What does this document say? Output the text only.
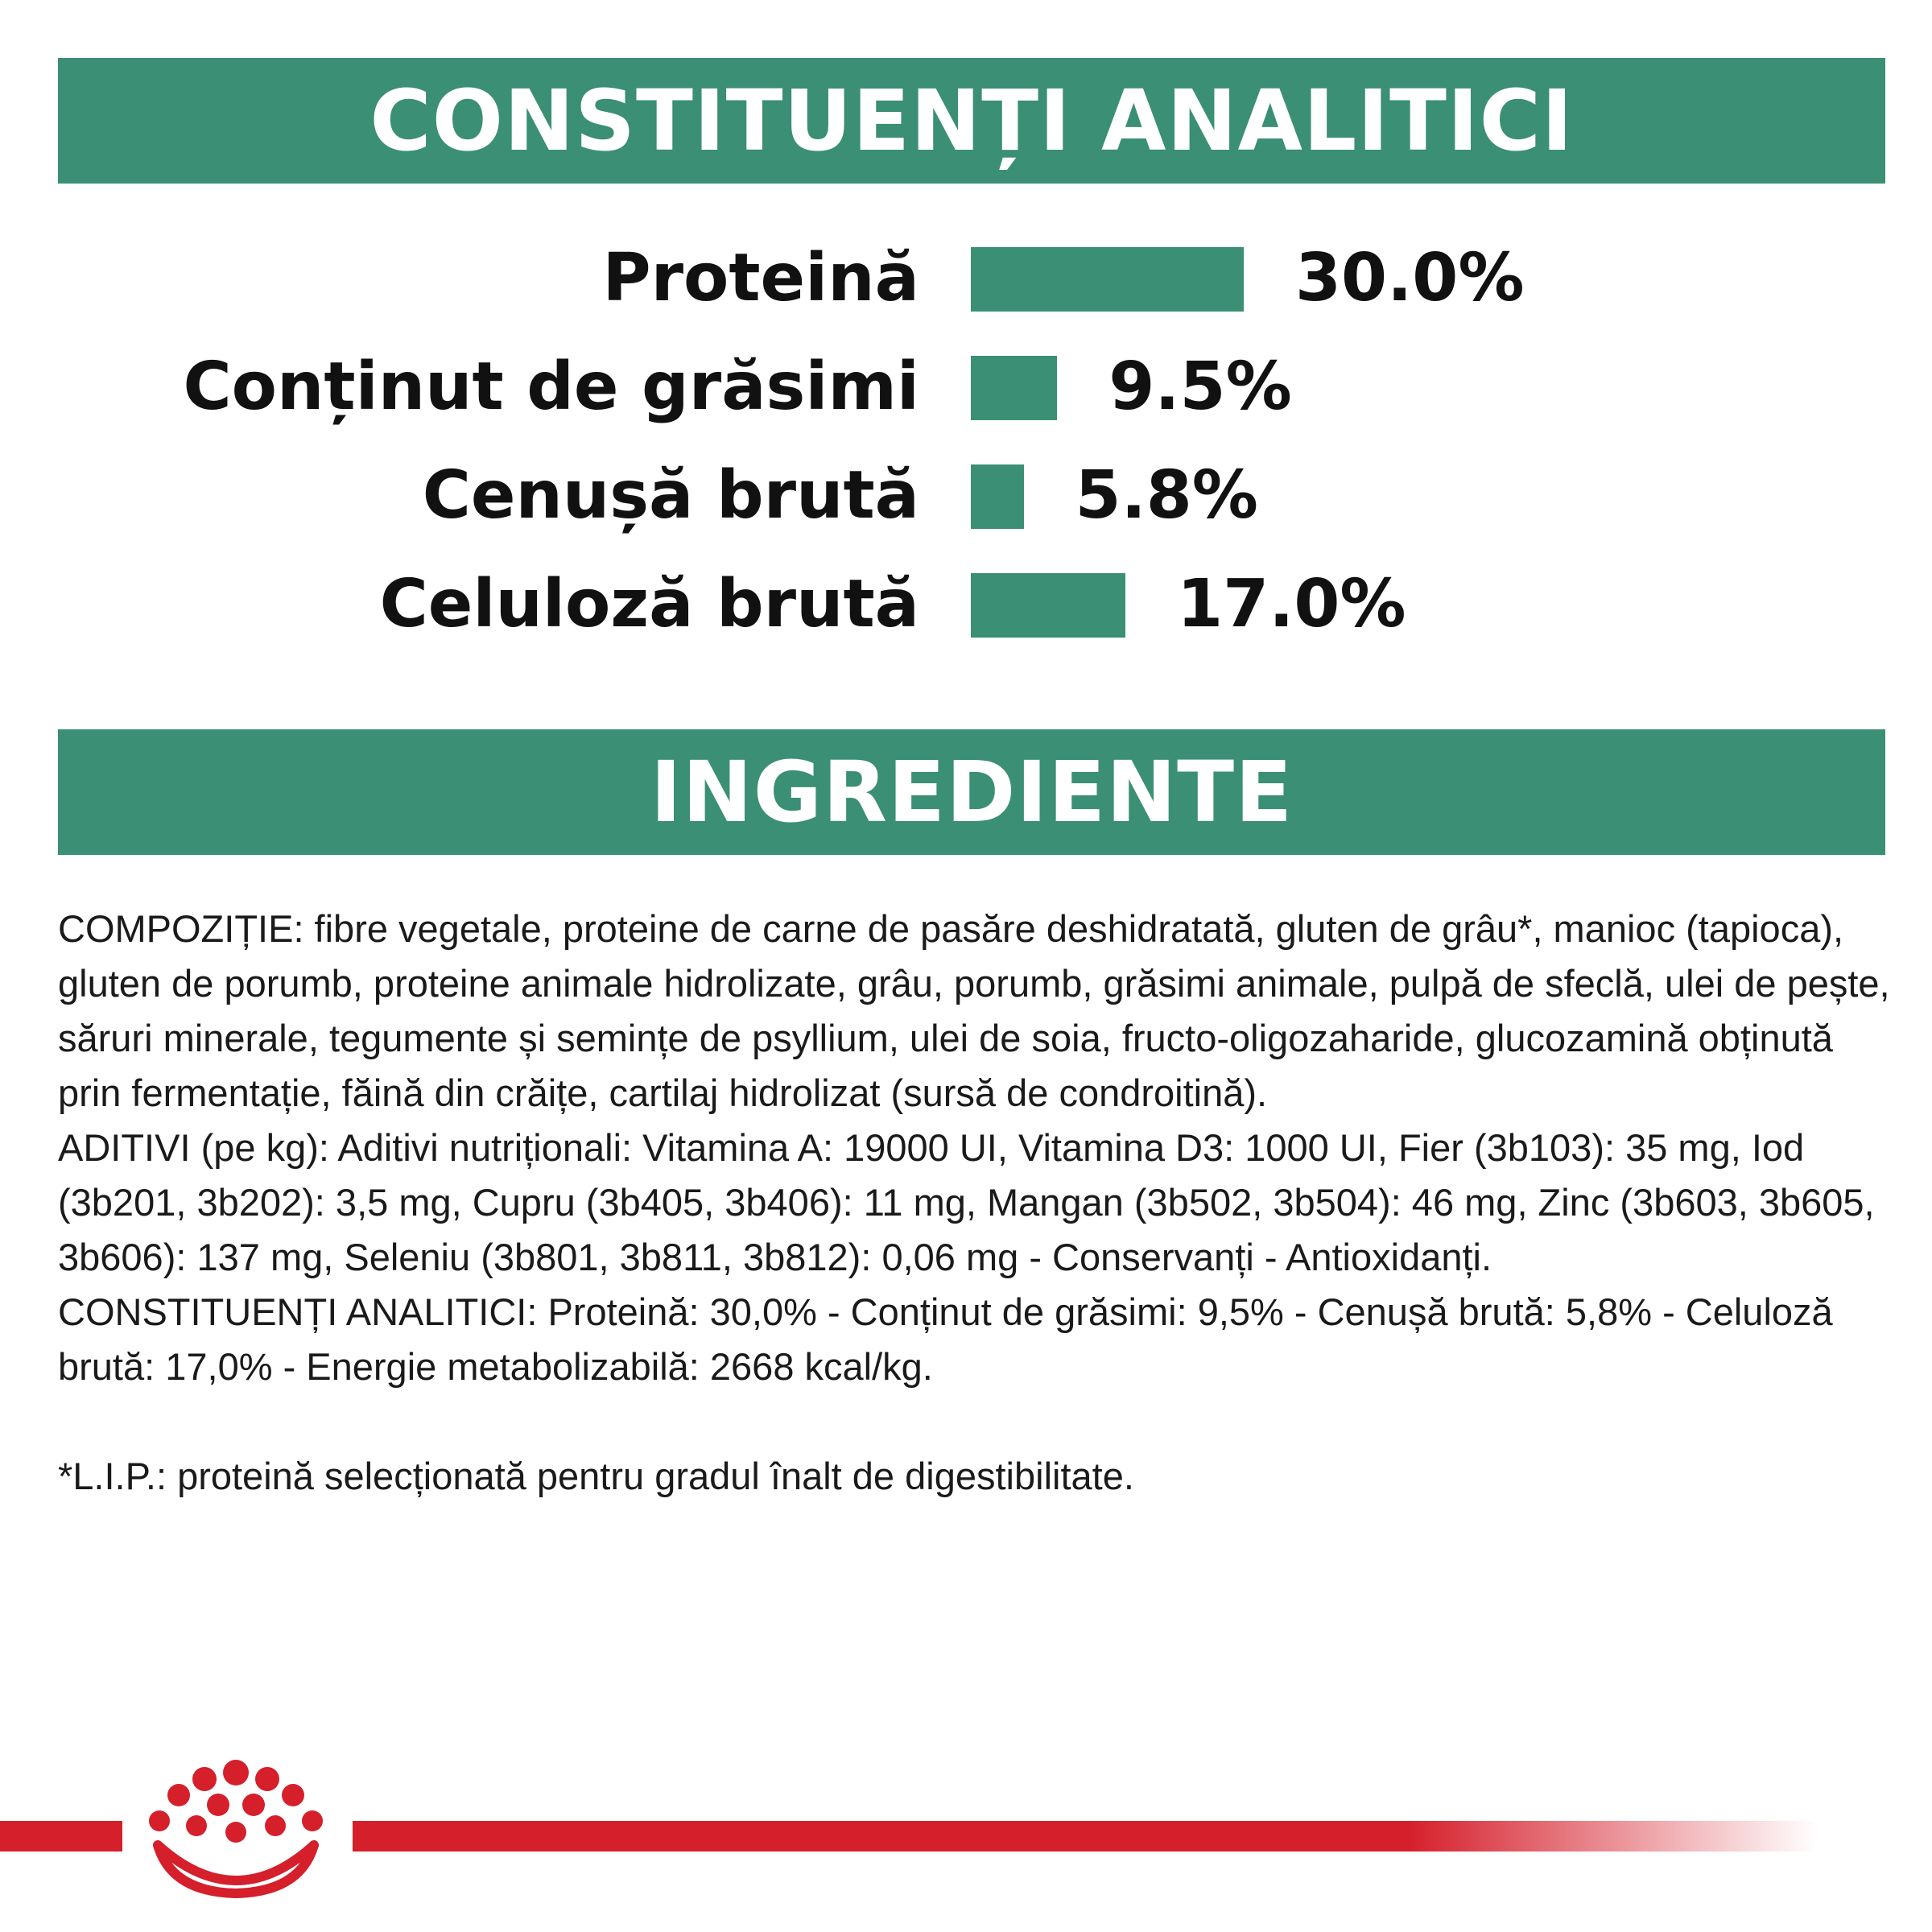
CONSTITUENȚI ANALITICI
Proteină	30.0%
Conținut de grăsimi	9.5%
Cenușă brută 5.8%
Celuloză brută	17.0%
INGREDIENTE

COMPOZIȚIE: fibre vegetale, proteine de carne de pasăre deshidratată, gluten de grâu*, manioc (tapioca), gluten de porumb, proteine animale hidrolizate, grâu, porumb, grăsimi animale, pulpă de sfeclă, ulei de pește, săruri minerale, tegumente și semințe de psyllium, ulei de soia, fructo-oligozaharide, glucozamină obținută prin fermentație, făină din crăițe, cartilaj hidrolizat (sursă de condroitină).

ADITIVI (pe kg): Aditivi nutriționali: Vitamina A: 19000 UI, Vitamina D3: 1000 UI, Fier (3b103): 35 mg, Iod (3b201, 3b202): 3,5 mg, Cupru (3b405, 3b406): 11 mg, Mangan (3b502, 3b504): 46 mg, Zinc (3b603, 3b605, 3b606): 137 mg, Seleniu (3b801, 3b811, 3b812): 0,06 mg - Conservanți - Antioxidanți.

CONSTITUENȚI ANALITICI: Proteină: 30,0% - Conținut de grăsimi: 9,5% - Cenușă brută: 5,8% - Celuloză brută: 17,0% - Energie metabolizabilă: 2668 kcal/kg.

*L.I.P.: proteină selecționată pentru gradul înalt de digestibilitate.
